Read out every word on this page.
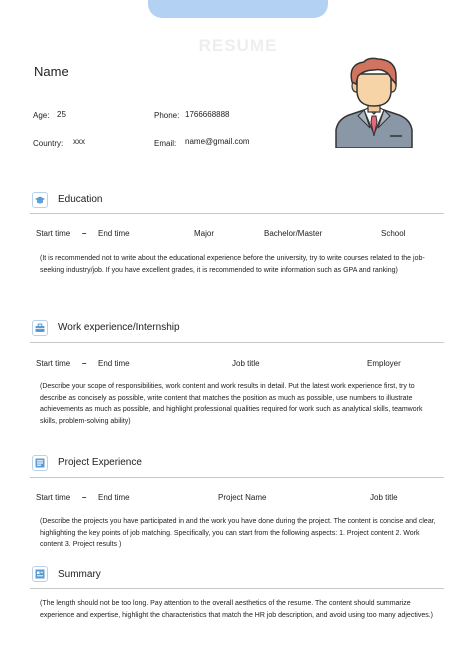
RESUME
Name
Age: 25	Phone: 1766668888
Country: xxx	Email: name@gmail.com
Education
Start time – End time	Major	Bachelor/Master	School
(It is recommended not to write about the educational experience before the university, try to write courses related to the job-seeking industry/job. If you have excellent grades, it is recommended to write information such as GPA and ranking)
Work experience/Internship
Start time – End time	Job title	Employer
(Describe your scope of responsibilities, work content and work results in detail. Put the latest work experience first, try to describe as concisely as possible, write content that matches the position as much as possible, use numbers to illustrate achievements as much as possible, and highlight professional qualities required for work such as analytical skills, teamwork skills, problem-solving ability)
Project Experience
Start time – End time	Project Name	Job title
(Describe the projects you have participated in and the work you have done during the project. The content is concise and clear, highlighting the key points of job matching. Specifically, you can start from the following aspects: 1. Project content 2. Work content 3. Project results )
Summary
(The length should not be too long. Pay attention to the overall aesthetics of the resume. The content should summarize experience and expertise, highlight the characteristics that match the HR job description, and avoid using too many adjectives.)
